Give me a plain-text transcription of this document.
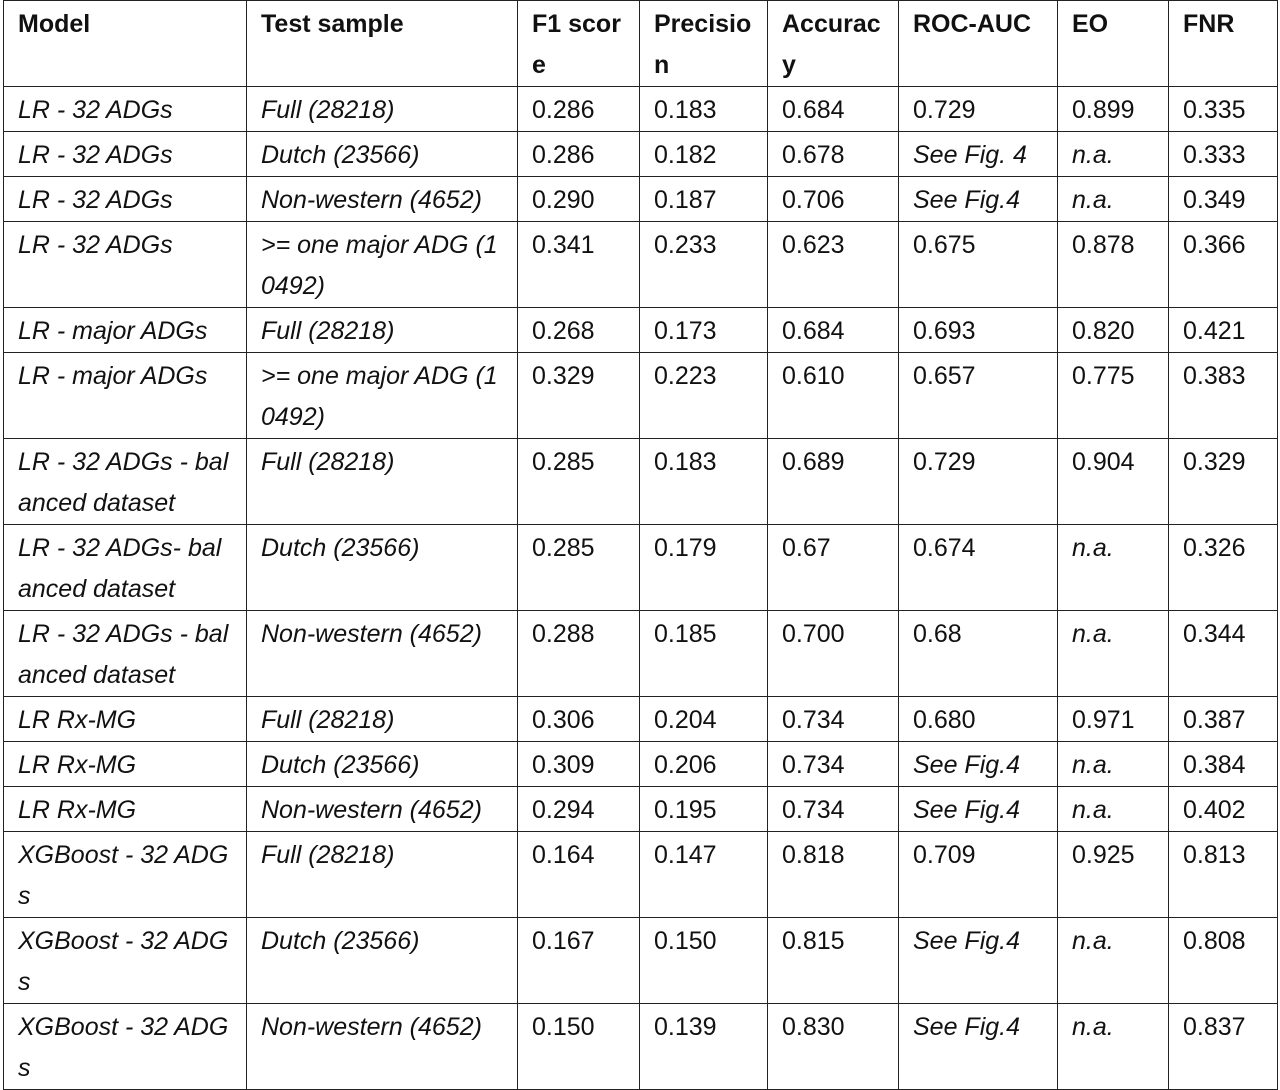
Model	Test sample	F1 score	Precision	Accuracy	ROC-AUC	EO	FNR
LR - 32 ADGs	Full (28218)	0.286	0.183	0.684	0.729	0.899	0.335
LR - 32 ADGs	Dutch (23566)	0.286	0.182	0.678	See Fig. 4	n.a.	0.333
LR - 32 ADGs	Non-western (4652)	0.290	0.187	0.706	See Fig.4	n.a.	0.349
LR - 32 ADGs	>= one major ADG (10492)	0.341	0.233	0.623	0.675	0.878	0.366
LR - major ADGs	Full (28218)	0.268	0.173	0.684	0.693	0.820	0.421
LR - major ADGs	>= one major ADG (10492)	0.329	0.223	0.610	0.657	0.775	0.383
LR - 32 ADGs - balanced dataset	Full (28218)	0.285	0.183	0.689	0.729	0.904	0.329
LR - 32 ADGs- balanced dataset	Dutch (23566)	0.285	0.179	0.67	0.674	n.a.	0.326
LR - 32 ADGs - balanced dataset	Non-western (4652)	0.288	0.185	0.700	0.68	n.a.	0.344
LR Rx-MG	Full (28218)	0.306	0.204	0.734	0.680	0.971	0.387
LR Rx-MG	Dutch (23566)	0.309	0.206	0.734	See Fig.4	n.a.	0.384
LR Rx-MG	Non-western (4652)	0.294	0.195	0.734	See Fig.4	n.a.	0.402
XGBoost - 32 ADGs	Full (28218)	0.164	0.147	0.818	0.709	0.925	0.813
XGBoost - 32 ADGs	Dutch (23566)	0.167	0.150	0.815	See Fig.4	n.a.	0.808
XGBoost - 32 ADGs	Non-western (4652)	0.150	0.139	0.830	See Fig.4	n.a.	0.837
